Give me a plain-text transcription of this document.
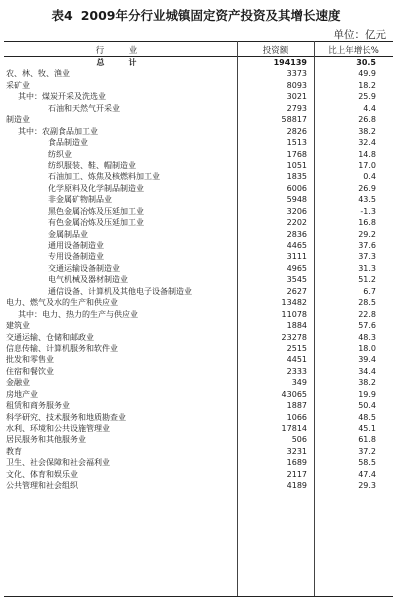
表4 2009年分行业城镇固定资产投资及其增长速度
单位：亿元
行　业	投资额	比上年增长%
总　计	194139	30.5
农、林、牧、渔业	3373	49.9
采矿业	8093	18.2
其中：煤炭开采及洗选业	3021	25.9
石油和天然气开采业	2793	4.4
制造业	58817	26.8
其中：农副食品加工业	2826	38.2
食品制造业	1513	32.4
纺织业	1768	14.8
纺织服装、鞋、帽制造业	1051	17.0
石油加工、炼焦及核燃料加工业	1835	0.4
化学原料及化学制品制造业	6006	26.9
非金属矿物制品业	5948	43.5
黑色金属冶炼及压延加工业	3206	-1.3
有色金属冶炼及压延加工业	2202	16.8
金属制品业	2836	29.2
通用设备制造业	4465	37.6
专用设备制造业	3111	37.3
交通运输设备制造业	4965	31.3
电气机械及器材制造业	3545	51.2
通信设备、计算机及其他电子设备制造业	2627	6.7
电力、燃气及水的生产和供应业	13482	28.5
其中：电力、热力的生产与供应业	11078	22.8
建筑业	1884	57.6
交通运输、仓储和邮政业	23278	48.3
信息传输、计算机服务和软件业	2515	18.0
批发和零售业	4451	39.4
住宿和餐饮业	2333	34.4
金融业	349	38.2
房地产业	43065	19.9
租赁和商务服务业	1887	50.4
科学研究、技术服务和地质勘查业	1066	48.5
水利、环境和公共设施管理业	17814	45.1
居民服务和其他服务业	506	61.8
教育	3231	37.2
卫生、社会保障和社会福利业	1689	58.5
文化、体育和娱乐业	2117	47.4
公共管理和社会组织	4189	29.3
